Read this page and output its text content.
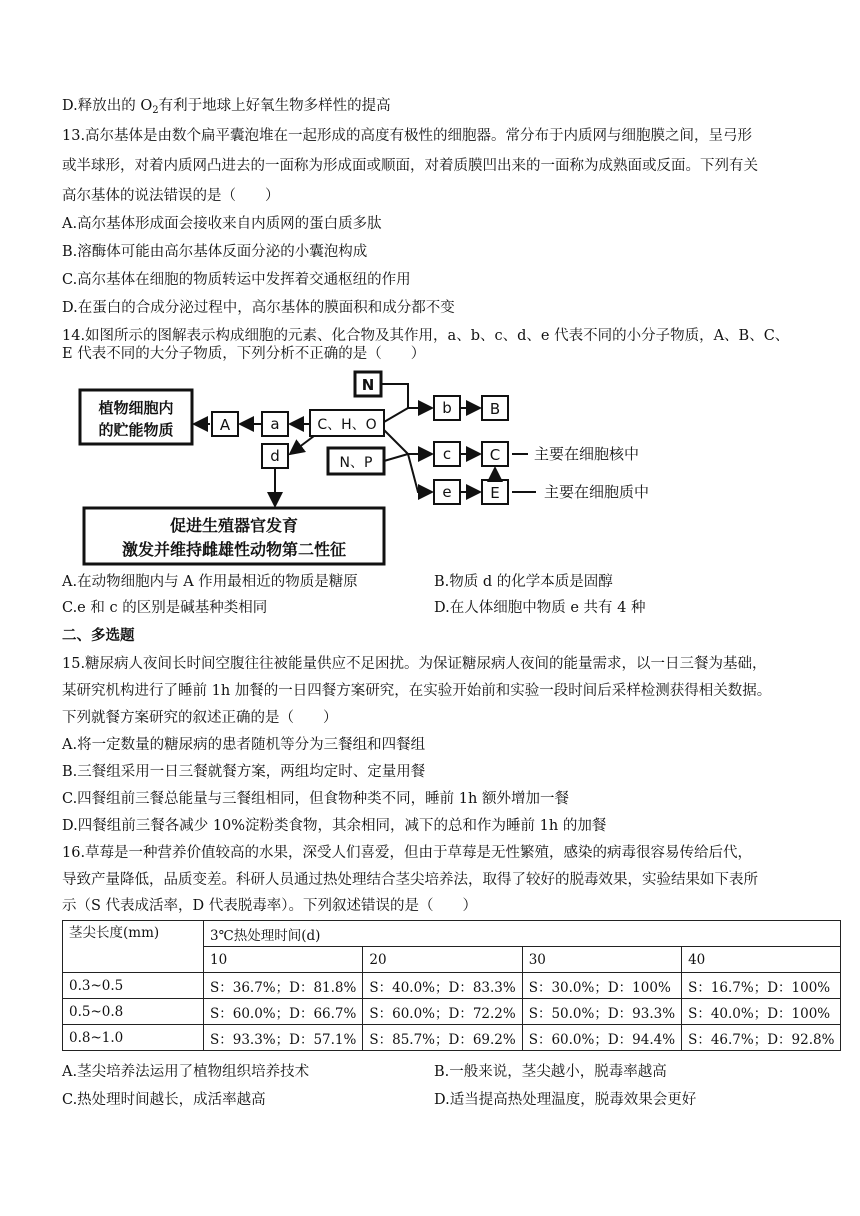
D.释放出的 $O_2$有利于地球上好氧生物多样性的提高
13.高尔基体是由数个扁平囊泡堆在一起形成的高度有极性的细胞器。常分布于内质网与细胞膜之间，呈弓形
或半球形，对着内质网凸进去的一面称为形成面或顺面，对着质膜凹出来的一面称为成熟面或反面。下列有关
高尔基体的说法错误的是（　　）
A.高尔基体形成面会接收来自内质网的蛋白质多肽
B.溶酶体可能由高尔基体反面分泌的小囊泡构成
C.高尔基体在细胞的物质转运中发挥着交通枢纽的作用
D.在蛋白的合成分泌过程中，高尔基体的膜面积和成分都不变
14.如图所示的图解表示构成细胞的元素、化合物及其作用，a、b、c、d、e 代表不同的小分子物质，A、B、C、
E 代表不同的大分子物质，下列分析不正确的是（　　）
植物细胞内
的贮能物质	A	a	C、H、O
d
N
b	B
N、P	c	C
e	E
主要在细胞核中
主要在细胞质中
促进生殖器官发育
激发并维持雌雄性动物第二性征
A.在动物细胞内与 A 作用最相近的物质是糖原	B.物质 d 的化学本质是固醇
C.e 和 c 的区别是碱基种类相同	D.在人体细胞中物质 e 共有 4 种
二、多选题
15.糖尿病人夜间长时间空腹往往被能量供应不足困扰。为保证糖尿病人夜间的能量需求，以一日三餐为基础，
某研究机构进行了睡前 1h 加餐的一日四餐方案研究，在实验开始前和实验一段时间后采样检测获得相关数据。
下列就餐方案研究的叙述正确的是（　　）
A.将一定数量的糖尿病的患者随机等分为三餐组和四餐组
B.三餐组采用一日三餐就餐方案，两组均定时、定量用餐
C.四餐组前三餐总能量与三餐组相同，但食物种类不同，睡前 1h 额外增加一餐
D.四餐组前三餐各减少 10%淀粉类食物，其余相同，减下的总和作为睡前 1h 的加餐
16.草莓是一种营养价值较高的水果，深受人们喜爱，但由于草莓是无性繁殖，感染的病毒很容易传给后代，
导致产量降低，品质变差。科研人员通过热处理结合茎尖培养法，取得了较好的脱毒效果，实验结果如下表所
示（S 代表成活率，D 代表脱毒率）。下列叙述错误的是（　　）
茎尖长度(mm)	3℃热处理时间(d)			
	10	20	30	40
0.3~0.5	S：36.7%；D：81.8%	S：40.0%；D：83.3%	S：30.0%；D：100%	S：16.7%；D：100%
0.5~0.8	S：60.0%；D：66.7%	S：60.0%；D：72.2%	S：50.0%；D：93.3%	S：40.0%；D：100%
0.8~1.0	S：93.3%；D：57.1%	S：85.7%；D：69.2%	S：60.0%；D：94.4%	S：46.7%；D：92.8%
A.茎尖培养法运用了植物组织培养技术	B.一般来说，茎尖越小，脱毒率越高
C.热处理时间越长，成活率越高	D.适当提高热处理温度，脱毒效果会更好
